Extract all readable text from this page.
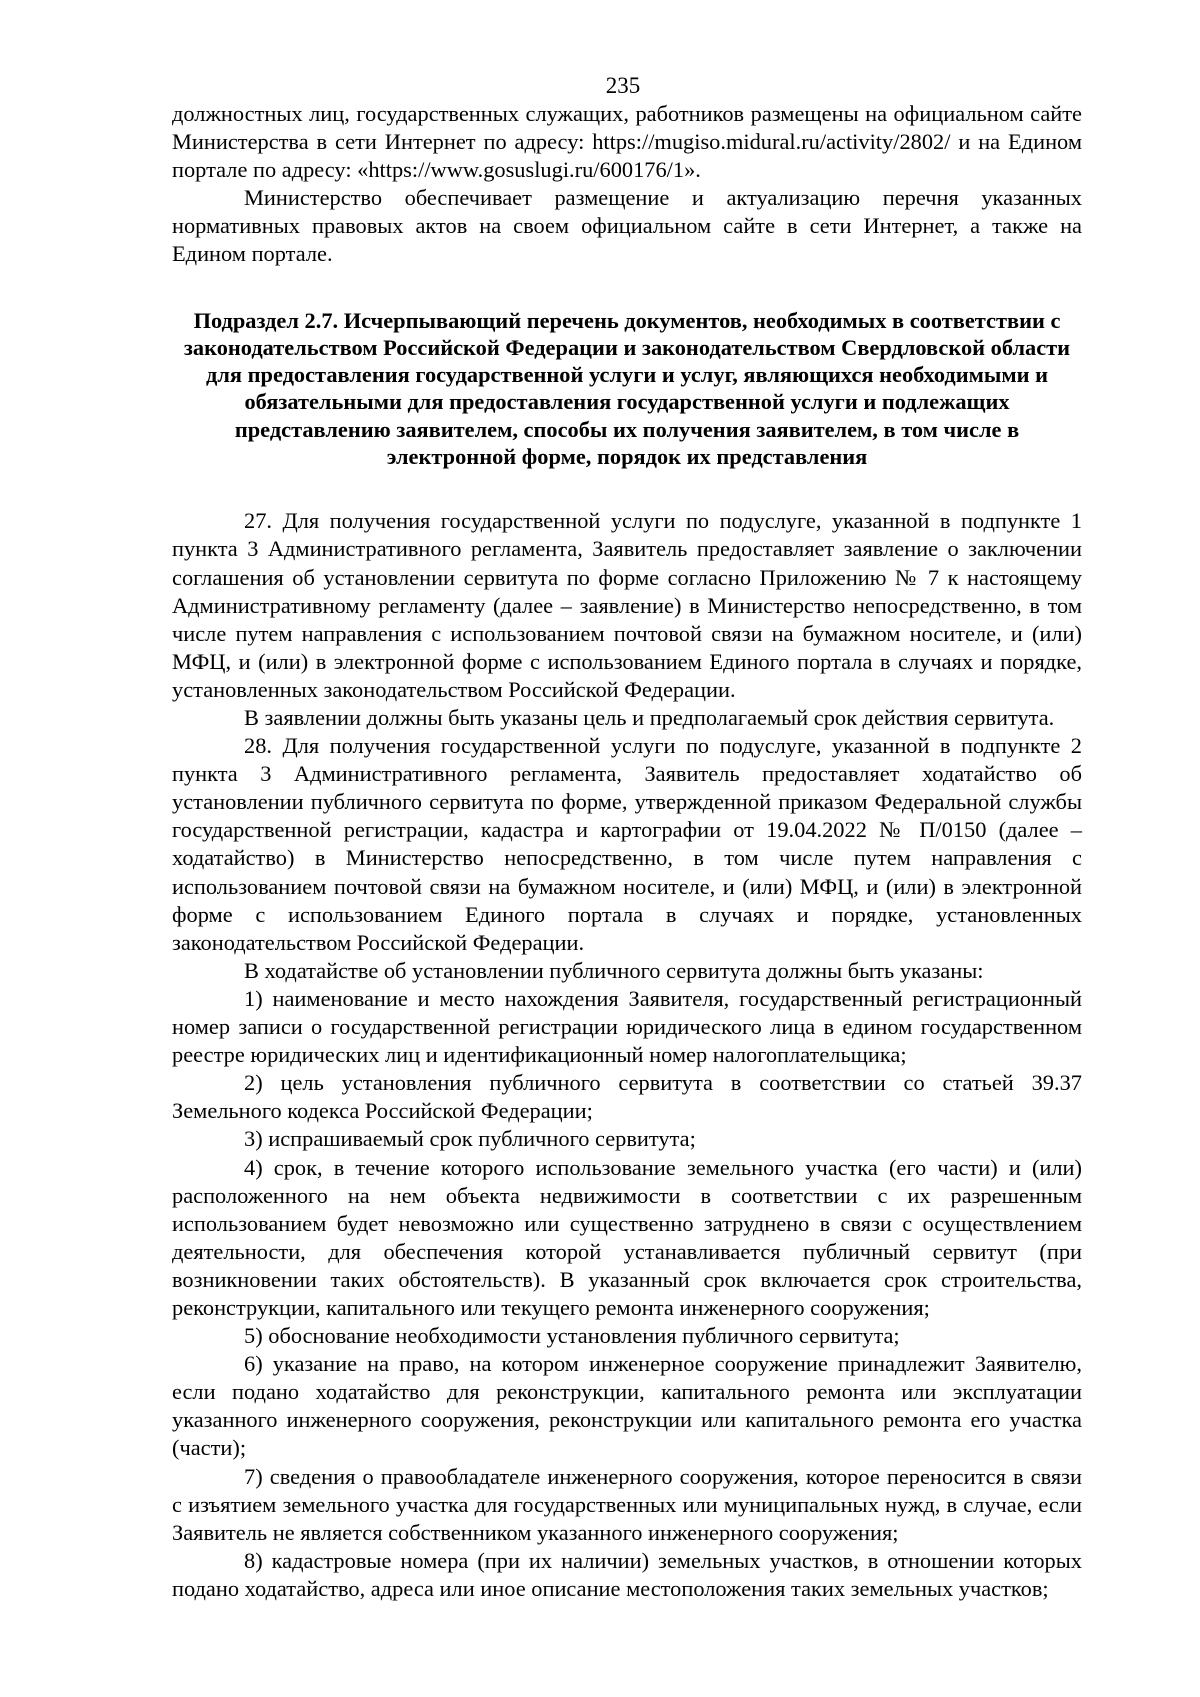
235

должностных лиц, государственных служащих, работников размещены на официальном сайте Министерства в сети Интернет по адресу: https://mugiso.midural.ru/activity/2802/ и на Едином портале по адресу: «https://www.gosuslugi.ru/600176/1».

Министерство обеспечивает размещение и актуализацию перечня указанных нормативных правовых актов на своем официальном сайте в сети Интернет, а также на Едином портале.

Подраздел 2.7. Исчерпывающий перечень документов, необходимых в соответствии с законодательством Российской Федерации и законодательством Свердловской области для предоставления государственной услуги и услуг, являющихся необходимыми и обязательными для предоставления государственной услуги и подлежащих представлению заявителем, способы их получения заявителем, в том числе в электронной форме, порядок их представления

27. Для получения государственной услуги по подуслуге, указанной в подпункте 1 пункта 3 Административного регламента, Заявитель предоставляет заявление о заключении соглашения об установлении сервитута по форме согласно Приложению № 7 к настоящему Административному регламенту (далее – заявление) в Министерство непосредственно, в том числе путем направления с использованием почтовой связи на бумажном носителе, и (или) МФЦ, и (или) в электронной форме с использованием Единого портала в случаях и порядке, установленных законодательством Российской Федерации.

В заявлении должны быть указаны цель и предполагаемый срок действия сервитута.

28. Для получения государственной услуги по подуслуге, указанной в подпункте 2 пункта 3 Административного регламента, Заявитель предоставляет ходатайство об установлении публичного сервитута по форме, утвержденной приказом Федеральной службы государственной регистрации, кадастра и картографии от 19.04.2022 № П/0150 (далее – ходатайство) в Министерство непосредственно, в том числе путем направления с использованием почтовой связи на бумажном носителе, и (или) МФЦ, и (или) в электронной форме с использованием Единого портала в случаях и порядке, установленных законодательством Российской Федерации.

В ходатайстве об установлении публичного сервитута должны быть указаны:

1) наименование и место нахождения Заявителя, государственный регистрационный номер записи о государственной регистрации юридического лица в едином государственном реестре юридических лиц и идентификационный номер налогоплательщика;

2) цель установления публичного сервитута в соответствии со статьей 39.37 Земельного кодекса Российской Федерации;

3) испрашиваемый срок публичного сервитута;

4) срок, в течение которого использование земельного участка (его части) и (или) расположенного на нем объекта недвижимости в соответствии с их разрешенным использованием будет невозможно или существенно затруднено в связи с осуществлением деятельности, для обеспечения которой устанавливается публичный сервитут (при возникновении таких обстоятельств). В указанный срок включается срок строительства, реконструкции, капитального или текущего ремонта инженерного сооружения;

5) обоснование необходимости установления публичного сервитута;

6) указание на право, на котором инженерное сооружение принадлежит Заявителю, если подано ходатайство для реконструкции, капитального ремонта или эксплуатации указанного инженерного сооружения, реконструкции или капитального ремонта его участка (части);

7) сведения о правообладателе инженерного сооружения, которое переносится в связи с изъятием земельного участка для государственных или муниципальных нужд, в случае, если Заявитель не является собственником указанного инженерного сооружения;

8) кадастровые номера (при их наличии) земельных участков, в отношении которых подано ходатайство, адреса или иное описание местоположения таких земельных участков;
